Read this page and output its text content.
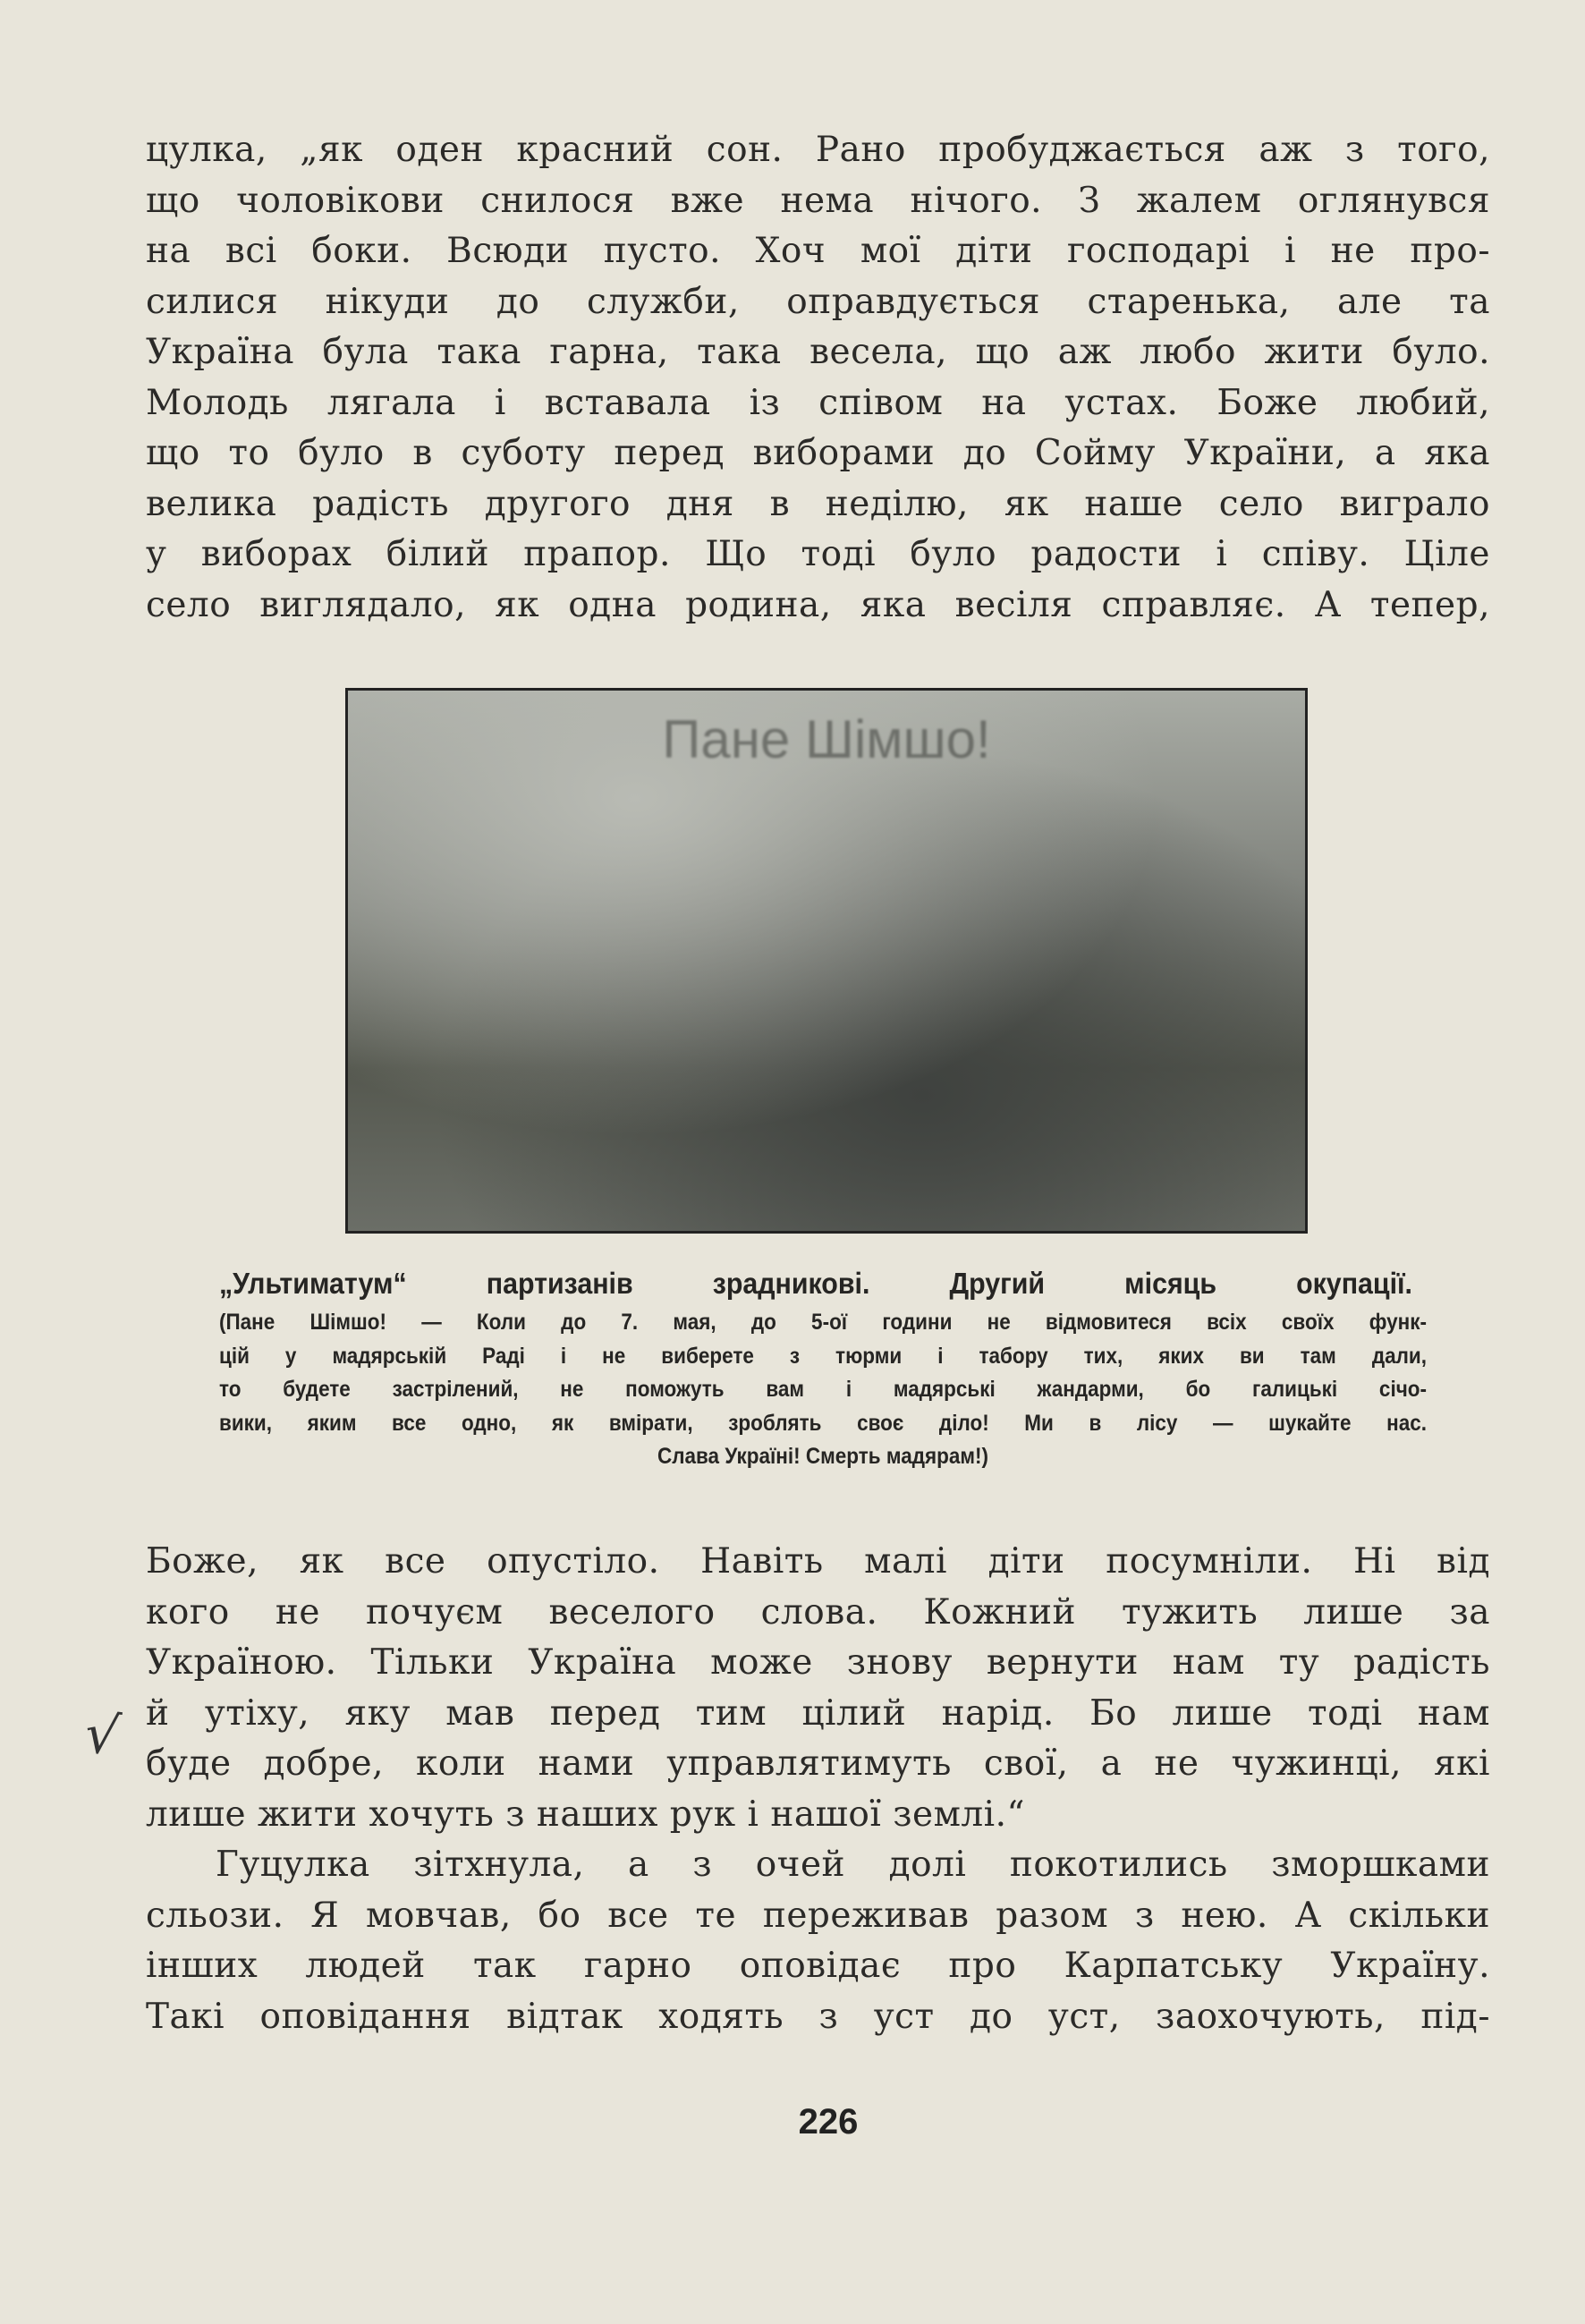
цулка, „як оден красний сон. Рано пробуджається аж з того,
що чоловікови снилося вже нема нічого. З жалем оглянувся
на всі боки. Всюди пусто. Хоч мої діти господарі і не про-
силися нікуди до служби, оправдується старенька, але та
Україна була така гарна, така весела, що аж любо жити було.
Молодь лягала і вставала із співом на устах. Боже любий,
що то було в суботу перед виборами до Сойму України, а яка
велика радість другого дня в неділю, як наше село виграло
у виборах білий прапор. Що тоді було радости і співу. Ціле
село виглядало, як одна родина, яка весіля справляє. А тепер,
Пане Шімшо!
„Ультиматум“ партизанів зрадникові. Другий місяць окупації.
(Пане Шімшо! — Коли до 7. мая, до 5-ої години не відмовитеся всіх своїх функ-
цій у мадярській Раді і не виберете з тюрми і табору тих, яких ви там дали,
то будете застрілений, не поможуть вам і мадярські жандарми, бо галицькі січо-
вики, яким все одно, як вмірати, зроблять своє діло! Ми в лісу — шукайте нас.
Слава Україні! Смерть мадярам!)
Боже, як все опустіло. Навіть малі діти посумніли. Ні від
кого не почуєм веселого слова. Кожний тужить лише за
Україною. Тільки Україна може знову вернути нам ту радість
й утіху, яку мав перед тим цілий нарід. Бо лише тоді нам
буде добре, коли нами управлятимуть свої, а не чужинці, які
лише жити хочуть з наших рук і нашої землі.“
Гуцулка зітхнула, а з очей долі покотились зморшками
сльози. Я мовчав, бо все те переживав разом з нею. А скільки
інших людей так гарно оповідає про Карпатську Україну.
Такі оповідання відтак ходять з уст до уст, заохочують, під-
√
226
